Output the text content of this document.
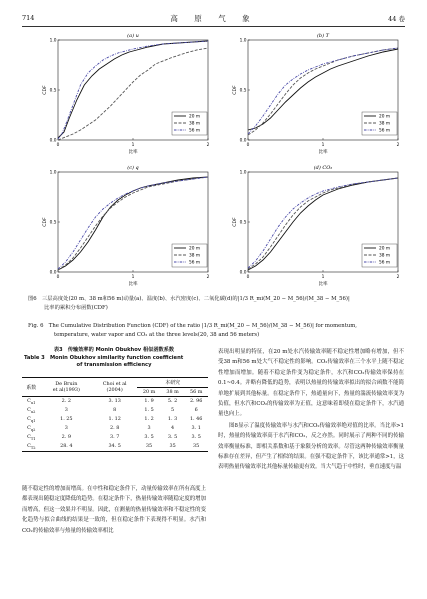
714	高 原 气 象	44 卷
(a) u
0.0
0.5
1.0
0	1	2
比率
CDF
20 m
38 m
56 m
(b) T
0.0
0.5
1.0
0	1	2
比率
CDF
20 m
38 m
56 m
(c) q
0.0
0.5
1.0
0	1	2
比率
CDF
20 m
38 m
56 m
(d) CO₂
0.0
0.5
1.0
0	1	2
比率
CDF
20 m
38 m
56 m
图6　三层高度处(20 m、38 m和56 m)动量(a)、温度(b)、水汽密度(c)、二氧化碳(d)的|1/3 R_mi(M_20 − M_56)/(M_38 − M_56)|
比率的累积分布函数(CDF)
Fig. 6　The Cumulative Distribution Function (CDF) of the ratio |1/3 R_mi(M_20 − M_56)/(M_38 − M_56)| for momentum,
temperature, water vapor and CO₂ at the three levels(20, 38 and 56 meters)
表3　传输效率的 Monin Obukhov 相似函数系数
Table 3　Monin Obukhov similarity function coefficient
of transmission efficiency
系数	De Bruin
et al(1993)	Choi et al
(2004)	本研究		
			20 m	38 m	56 m
$C_{u1}$	2. 2	3. 13	1. 9	5. 2	2. 96
$C_{u2}$	3	8	1. 5	5	6
$C_{q1}$	1. 25	1. 12	1. 2	1. 3	1. 46
$C_{q2}$	3	2. 8	3	4	3. 1
$C_{T1}$	2. 9	3. 7	3. 5	3. 5	3. 5
$C_{T2}$	28. 4	34. 5	35	35	35
随不稳定性的增加而增高。在中性和稳定条件下，动量传输效率在所有高度上都表现出随稳定度降低的趋势。在稳定条件下，热量传输效率随稳定度的增加而增高，但这一效果并不明显。因此，在测量的热量传输效率和不稳定性的变化趋势与拟合曲线的结果是一致的，但在稳定条件下表现得不明显。水汽和CO₂的传输效率与热量的传输效率相比
表现出明显的特征，在20 m处水汽传输效率随不稳定性增加略有增加，但不受38 m和56 m处大气不稳定性的影响。CO₂传输效率在三个水平上随不稳定性增加而增加。随着不稳定条件变为稳定条件，水汽和CO₂传输效率保持在0.1~0.4。并略有降低的趋势，表明以热量的传输效率拟出的拟合函数不能简单地扩展到其他标量。在稳定条件下，热通量向下，热量的湍流传输效率变为负值，但水汽和CO₂的传输效率为正值，这意味着即使在稳定条件下，水汽通量也向上。
图8显示了温度传输效率与水汽和CO₂传输效率绝对值的比率。当比率>1时，热量的传输效率高于水汽和CO₂，反之亦然。同时展示了两种不同的传输效率衡量标准，即相关系数和基于象限分析的效率。尽管这两种传输效率衡量标准存在差异，但产生了相似的结果。在强不稳定条件下，该比率通常>1，这表明热量传输效率比其他标量传输更有效。当大气趋于中性时，垂直速度与温
